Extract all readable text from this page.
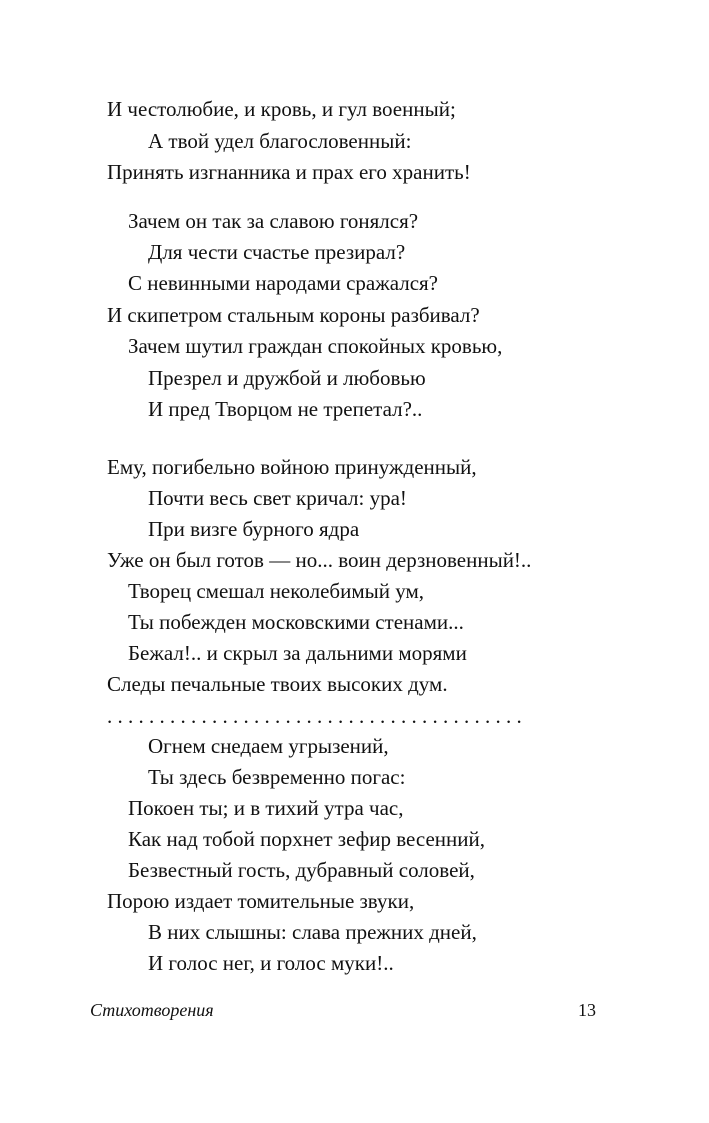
И честолюбие, и кровь, и гул военный;
А твой удел благословенный:
Принять изгнанника и прах его хранить!
Зачем он так за славою гонялся?
Для чести счастье презирал?
С невинными народами сражался?
И скипетром стальным короны разбивал?
Зачем шутил граждан спокойных кровью,
Презрел и дружбой и любовью
И пред Творцом не трепетал?..
Ему, погибельно войною принужденный,
Почти весь свет кричал: ура!
При визге бурного ядра
Уже он был готов — но... воин дерзновенный!..
Творец смешал неколебимый ум,
Ты побежден московскими стенами...
Бежал!.. и скрыл за дальними морями
Следы печальные твоих высоких дум.
. . . . . . . . . . . . . . . . . . . . . . . . . . . . . . . . . . . . . . . .
Огнем снедаем угрызений,
Ты здесь безвременно погас:
Покоен ты; и в тихий утра час,
Как над тобой порхнет зефир весенний,
Безвестный гость, дубравный соловей,
Порою издает томительные звуки,
В них слышны: слава прежних дней,
И голос нег, и голос муки!..
Стихотворения	13
